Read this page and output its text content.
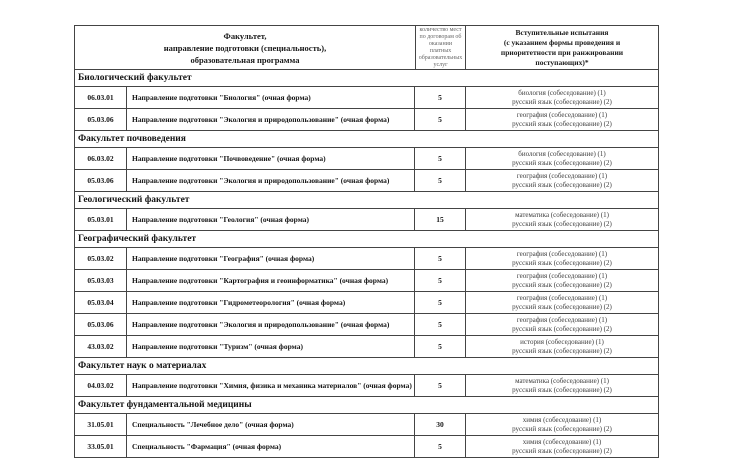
Факультет,
направление подготовки (специальность),
образовательная программа
количество мест
по договорам об
оказании платных
образовательных
услуг
Вступительные испытания
(с указанием формы проведения и
приоритетности при ранжировании
поступающих)*
Биологический факультет
06.03.01	Направление подготовки "Биология" (очная форма)	5	биология (собеседование) (1)
русский язык (собеседование) (2)
05.03.06	Направление подготовки "Экология и природопользование" (очная форма)	5	география (собеседование) (1)
русский язык (собеседование) (2)
Факультет почвоведения
06.03.02	Направление подготовки "Почвоведение" (очная форма)	5	биология (собеседование) (1)
русский язык (собеседование) (2)
05.03.06	Направление подготовки "Экология и природопользование" (очная форма)	5	география (собеседование) (1)
русский язык (собеседование) (2)
Геологический факультет
05.03.01	Направление подготовки "Геология" (очная форма)	15	математика (собеседование) (1)
русский язык (собеседование) (2)
Географический факультет
05.03.02	Направление подготовки "География" (очная форма)	5	география (собеседование) (1)
русский язык (собеседование) (2)
05.03.03	Направление подготовки "Картография и геоинформатика" (очная форма)	5	география (собеседование) (1)
русский язык (собеседование) (2)
05.03.04	Направление подготовки "Гидрометеорология" (очная форма)	5	география (собеседование) (1)
русский язык (собеседование) (2)
05.03.06	Направление подготовки "Экология и природопользование" (очная форма)	5	география (собеседование) (1)
русский язык (собеседование) (2)
43.03.02	Направление подготовки "Туризм" (очная форма)	5	история (собеседование) (1)
русский язык (собеседование) (2)
Факультет наук о материалах
04.03.02	Направление подготовки "Химия, физика и механика материалов" (очная форма)	5	математика (собеседование) (1)
русский язык (собеседование) (2)
Факультет фундаментальной медицины
31.05.01	Специальность "Лечебное дело" (очная форма)	30	химия (собеседование) (1)
русский язык (собеседование) (2)
33.05.01	Специальность "Фармация" (очная форма)	5	химия (собеседование) (1)
русский язык (собеседование) (2)
